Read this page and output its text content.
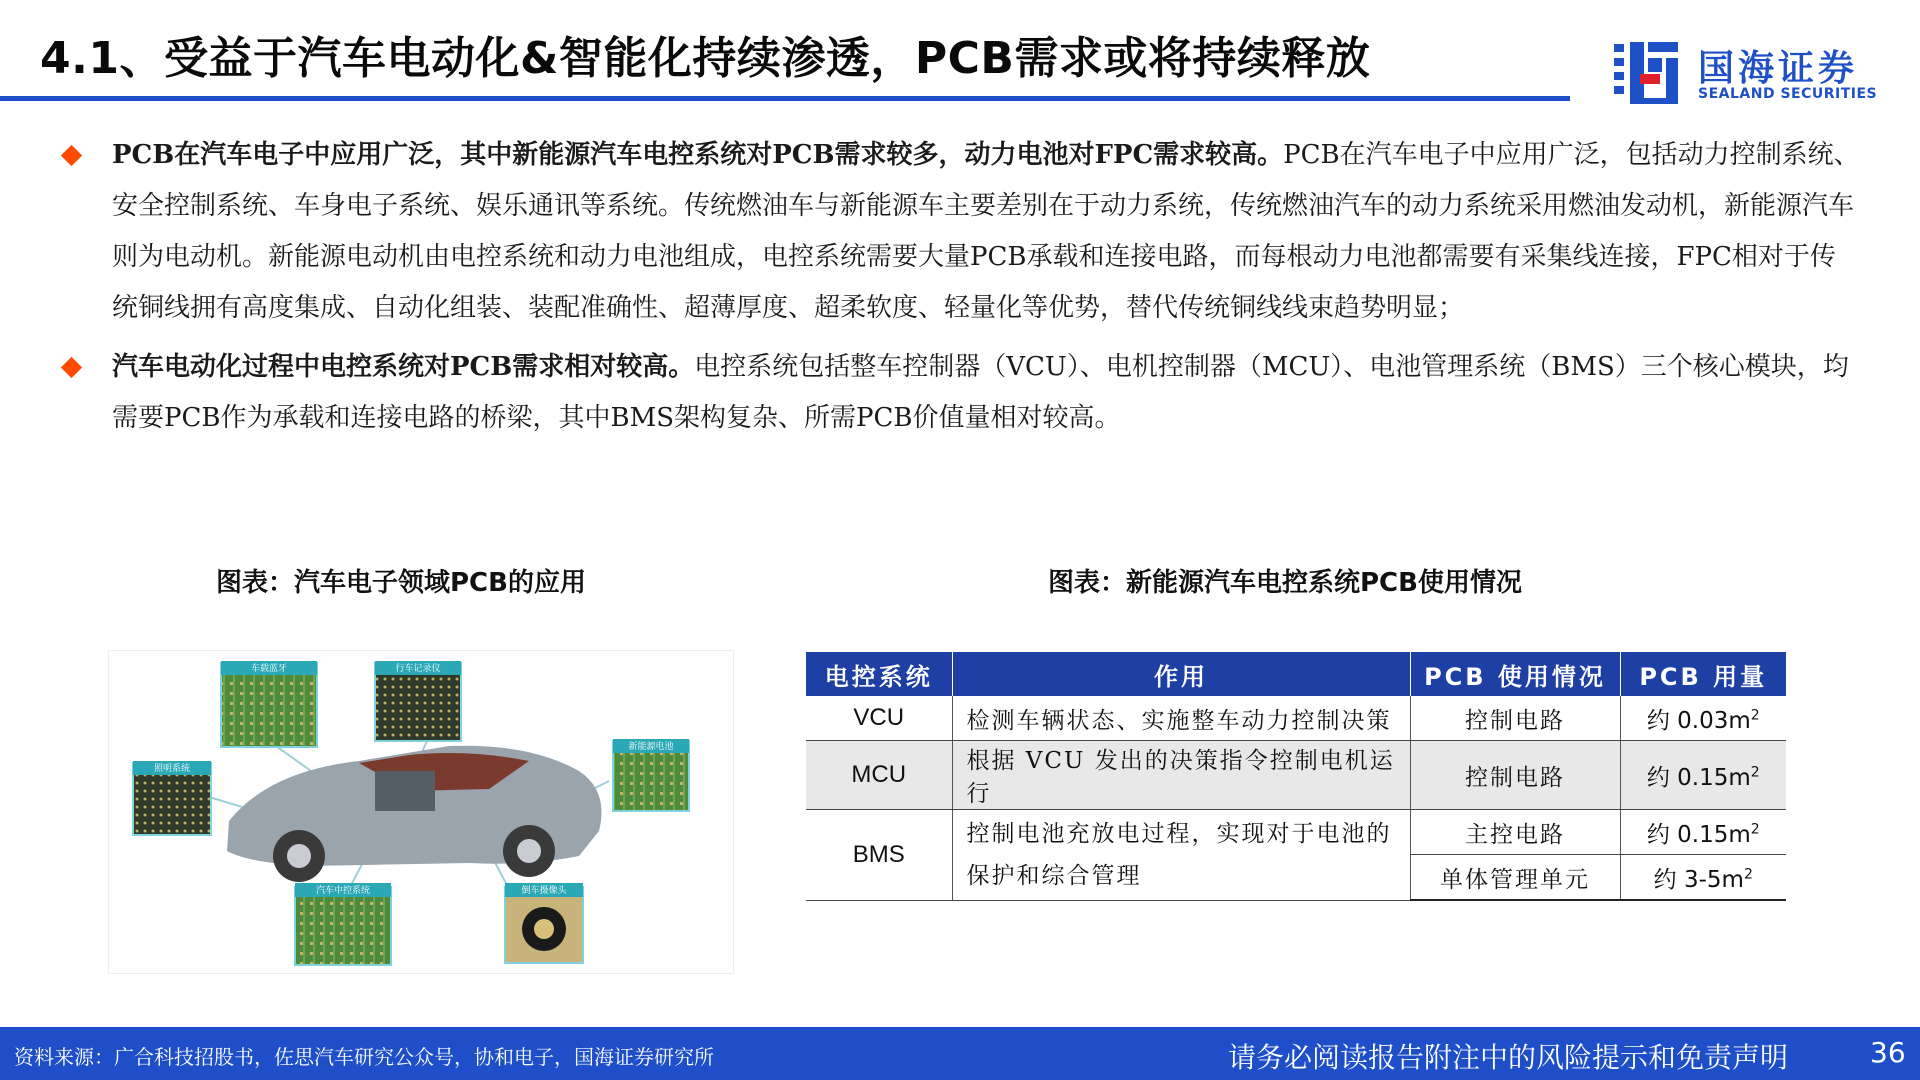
4.1、受益于汽车电动化&智能化持续渗透，PCB需求或将持续释放	国海证券
SEALAND SECURITIES
PCB在汽车电子中应用广泛，其中新能源汽车电控系统对PCB需求较多，动力电池对FPC需求较高。PCB在汽车电子中应用广泛，包括动力控制系统、安全控制系统、车身电子系统、娱乐通讯等系统。传统燃油车与新能源车主要差别在于动力系统，传统燃油汽车的动力系统采用燃油发动机，新能源汽车则为电动机。新能源电动机由电控系统和动力电池组成，电控系统需要大量PCB承载和连接电路，而每根动力电池都需要有采集线连接，FPC相对于传统铜线拥有高度集成、自动化组装、装配准确性、超薄厚度、超柔软度、轻量化等优势，替代传统铜线线束趋势明显；
汽车电动化过程中电控系统对PCB需求相对较高。电控系统包括整车控制器（VCU）、电机控制器（MCU）、电池管理系统（BMS）三个核心模块，均需要PCB作为承载和连接电路的桥梁，其中BMS架构复杂、所需PCB价值量相对较高。
图表：汽车电子领域PCB的应用	图表：新能源汽车电控系统PCB使用情况
车载蓝牙	行车记录仪
照明系统
新能源电池
汽车中控系统	倒车摄像头
电控系统	作用	PCB 使用情况	PCB 用量
VCU	检测车辆状态、实施整车动力控制决策	控制电路	约 $0.03m^2$
MCU	根据 VCU 发出的决策指令控制电机运行	控制电路	约 $0.15m^2$
BMS	控制电池充放电过程，实现对于电池的保护和综合管理	主控电路	约 $0.15m^2$
		单体管理单元	约 $3-5m^2$
资料来源：广合科技招股书，佐思汽车研究公众号，协和电子，国海证券研究所	请务必阅读报告附注中的风险提示和免责声明	36
